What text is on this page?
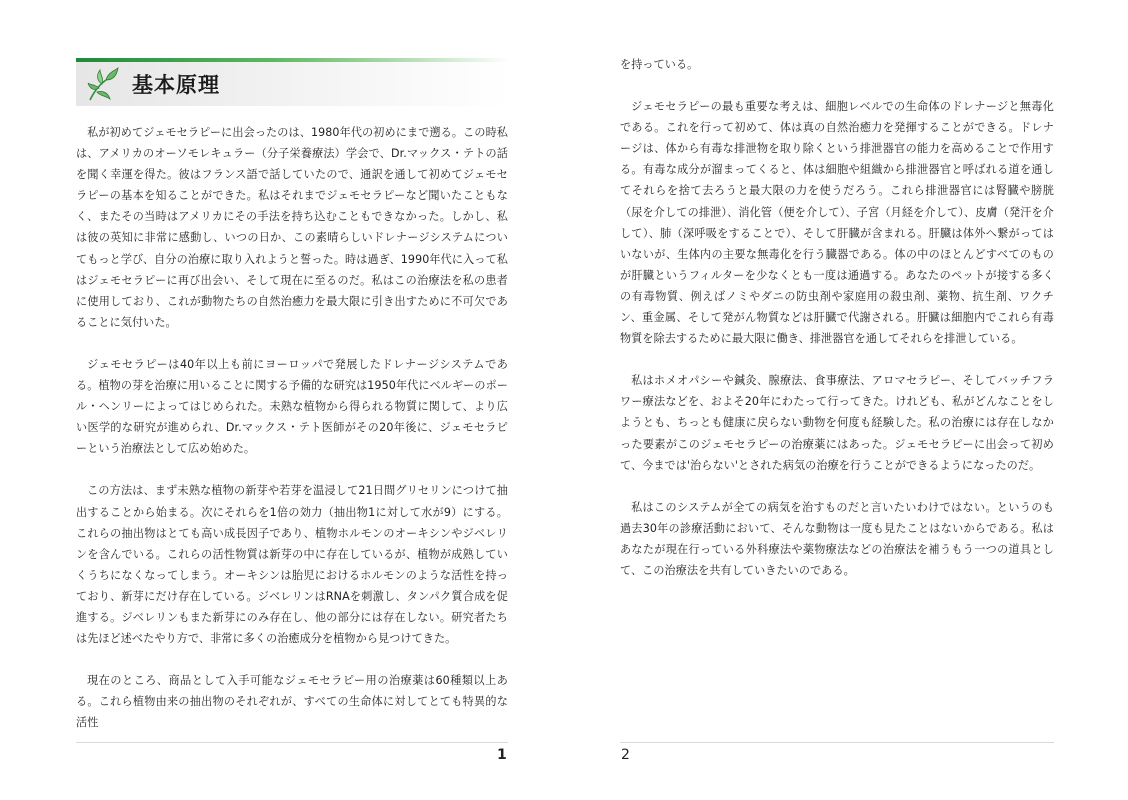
基本原理

私が初めてジェモセラピーに出会ったのは、1980年代の初めにまで遡る。この時私は、アメリカのオーソモレキュラー（分子栄養療法）学会で、Dr.マックス・テトの話を聞く幸運を得た。彼はフランス語で話していたので、通訳を通して初めてジェモセラピーの基本を知ることができた。私はそれまでジェモセラピーなど聞いたこともなく、またその当時はアメリカにその手法を持ち込むこともできなかった。しかし、私は彼の英知に非常に感動し、いつの日か、この素晴らしいドレナージシステムについてもっと学び、自分の治療に取り入れようと誓った。時は過ぎ、1990年代に入って私はジェモセラピーに再び出会い、そして現在に至るのだ。私はこの治療法を私の患者に使用しており、これが動物たちの自然治癒力を最大限に引き出すために不可欠であることに気付いた。

ジェモセラピーは40年以上も前にヨーロッパで発展したドレナージシステムである。植物の芽を治療に用いることに関する予備的な研究は1950年代にベルギーのポール・ヘンリーによってはじめられた。未熟な植物から得られる物質に関して、より広い医学的な研究が進められ、Dr.マックス・テト医師がその20年後に、ジェモセラピーという治療法として広め始めた。

この方法は、まず未熟な植物の新芽や若芽を温浸して21日間グリセリンにつけて抽出することから始まる。次にそれらを1倍の効力（抽出物1に対して水が9）にする。これらの抽出物はとても高い成長因子であり、植物ホルモンのオーキシンやジベレリンを含んでいる。これらの活性物質は新芽の中に存在しているが、植物が成熟していくうちになくなってしまう。オーキシンは胎児におけるホルモンのような活性を持っており、新芽にだけ存在している。ジベレリンはRNAを刺激し、タンパク質合成を促進する。ジベレリンもまた新芽にのみ存在し、他の部分には存在しない。研究者たちは先ほど述べたやり方で、非常に多くの治癒成分を植物から見つけてきた。

現在のところ、商品として入手可能なジェモセラピー用の治療薬は60種類以上ある。これら植物由来の抽出物のそれぞれが、すべての生命体に対してとても特異的な活性

1

を持っている。

ジェモセラピーの最も重要な考えは、細胞レベルでの生命体のドレナージと無毒化である。これを行って初めて、体は真の自然治癒力を発揮することができる。ドレナージは、体から有毒な排泄物を取り除くという排泄器官の能力を高めることで作用する。有毒な成分が溜まってくると、体は細胞や組織から排泄器官と呼ばれる道を通してそれらを捨て去ろうと最大限の力を使うだろう。これら排泄器官には腎臓や膀胱（尿を介しての排泄）、消化管（便を介して）、子宮（月経を介して）、皮膚（発汗を介して）、肺（深呼吸をすることで）、そして肝臓が含まれる。肝臓は体外へ繋がってはいないが、生体内の主要な無毒化を行う臓器である。体の中のほとんどすべてのものが肝臓というフィルターを少なくとも一度は通過する。あなたのペットが接する多くの有毒物質、例えばノミやダニの防虫剤や家庭用の殺虫剤、薬物、抗生剤、ワクチン、重金属、そして発がん物質などは肝臓で代謝される。肝臓は細胞内でこれら有毒物質を除去するために最大限に働き、排泄器官を通してそれらを排泄している。

私はホメオパシーや鍼灸、腺療法、食事療法、アロマセラピー、そしてバッチフラワー療法などを、およそ20年にわたって行ってきた。けれども、私がどんなことをしようとも、ちっとも健康に戻らない動物を何度も経験した。私の治療には存在しなかった要素がこのジェモセラピーの治療薬にはあった。ジェモセラピーに出会って初めて、今までは'治らない'とされた病気の治療を行うことができるようになったのだ。

私はこのシステムが全ての病気を治すものだと言いたいわけではない。というのも過去30年の診療活動において、そんな動物は一度も見たことはないからである。私はあなたが現在行っている外科療法や薬物療法などの治療法を補うもう一つの道具として、この治療法を共有していきたいのである。

2
